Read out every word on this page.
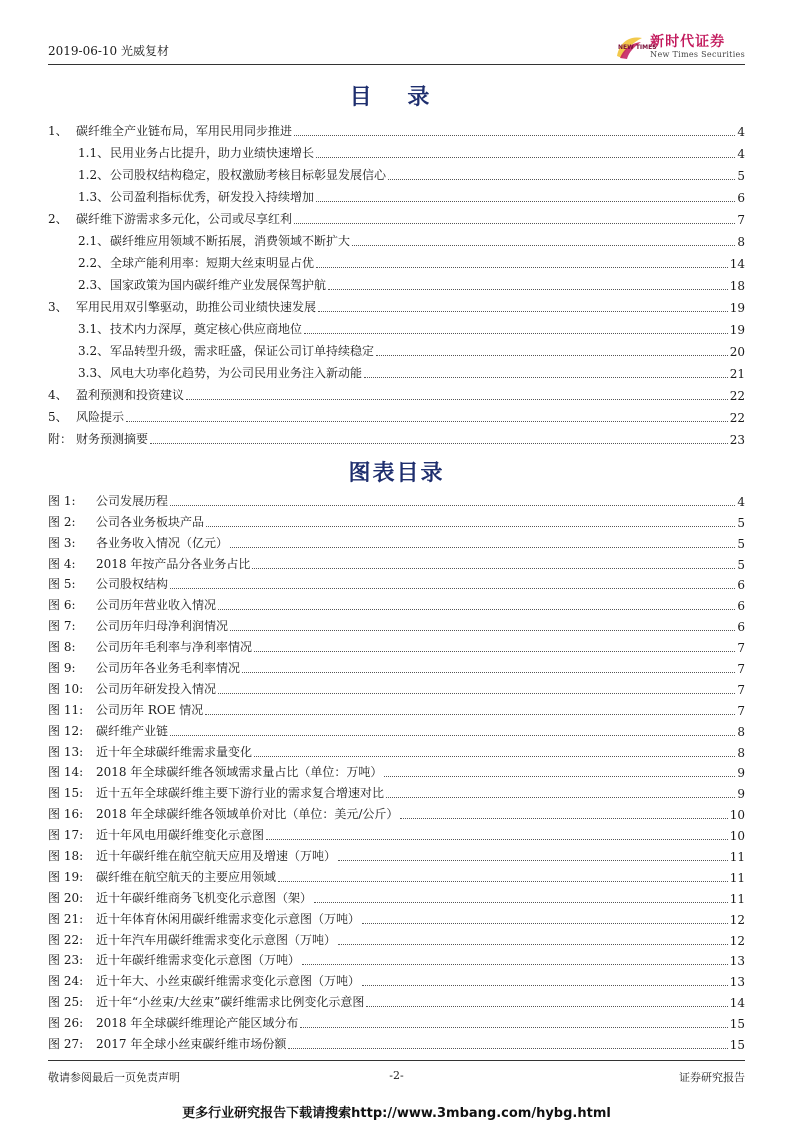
2019-06-10 光威复材	NEW TIMES
新时代证券
New Times Securities
目 录
1、 碳纤维全产业链布局，军用民用同步推进	4
1.1、 民用业务占比提升，助力业绩快速增长	4
1.2、 公司股权结构稳定，股权激励考核目标彰显发展信心	5
1.3、 公司盈利指标优秀，研发投入持续增加	6
2、 碳纤维下游需求多元化，公司或尽享红利	7
2.1、 碳纤维应用领域不断拓展，消费领域不断扩大	8
2.2、 全球产能利用率：短期大丝束明显占优	14
2.3、 国家政策为国内碳纤维产业发展保驾护航	18
3、 军用民用双引擎驱动，助推公司业绩快速发展	19
3.1、 技术内力深厚，奠定核心供应商地位	19
3.2、 军品转型升级，需求旺盛，保证公司订单持续稳定	20
3.3、 风电大功率化趋势，为公司民用业务注入新动能	21
4、 盈利预测和投资建议	22
5、 风险提示	22
附： 财务预测摘要	23
图表目录
图 1:	公司发展历程	4
图 2:	公司各业务板块产品	5
图 3:	各业务收入情况（亿元）	5
图 4:	2018 年按产品分各业务占比	5
图 5:	公司股权结构	6
图 6:	公司历年营业收入情况	6
图 7:	公司历年归母净利润情况	6
图 8:	公司历年毛利率与净利率情况	7
图 9:	公司历年各业务毛利率情况	7
图 10:	公司历年研发投入情况	7
图 11:	公司历年 ROE 情况	7
图 12:	碳纤维产业链	8
图 13:	近十年全球碳纤维需求量变化	8
图 14:	2018 年全球碳纤维各领域需求量占比（单位：万吨）	9
图 15:	近十五年全球碳纤维主要下游行业的需求复合增速对比	9
图 16:	2018 年全球碳纤维各领域单价对比（单位：美元/公斤）	10
图 17:	近十年风电用碳纤维变化示意图	10
图 18:	近十年碳纤维在航空航天应用及增速（万吨）	11
图 19:	碳纤维在航空航天的主要应用领域	11
图 20:	近十年碳纤维商务飞机变化示意图（架）	11
图 21:	近十年体育休闲用碳纤维需求变化示意图（万吨）	12
图 22:	近十年汽车用碳纤维需求变化示意图（万吨）	12
图 23:	近十年碳纤维需求变化示意图（万吨）	13
图 24:	近十年大、小丝束碳纤维需求变化示意图（万吨）	13
图 25:	近十年“小丝束/大丝束”碳纤维需求比例变化示意图	14
图 26:	2018 年全球碳纤维理论产能区域分布	15
图 27:	2017 年全球小丝束碳纤维市场份额	15
敬请参阅最后一页免责声明	-2-	证券研究报告
更多行业研究报告下载请搜索http://www.3mbang.com/hybg.html
